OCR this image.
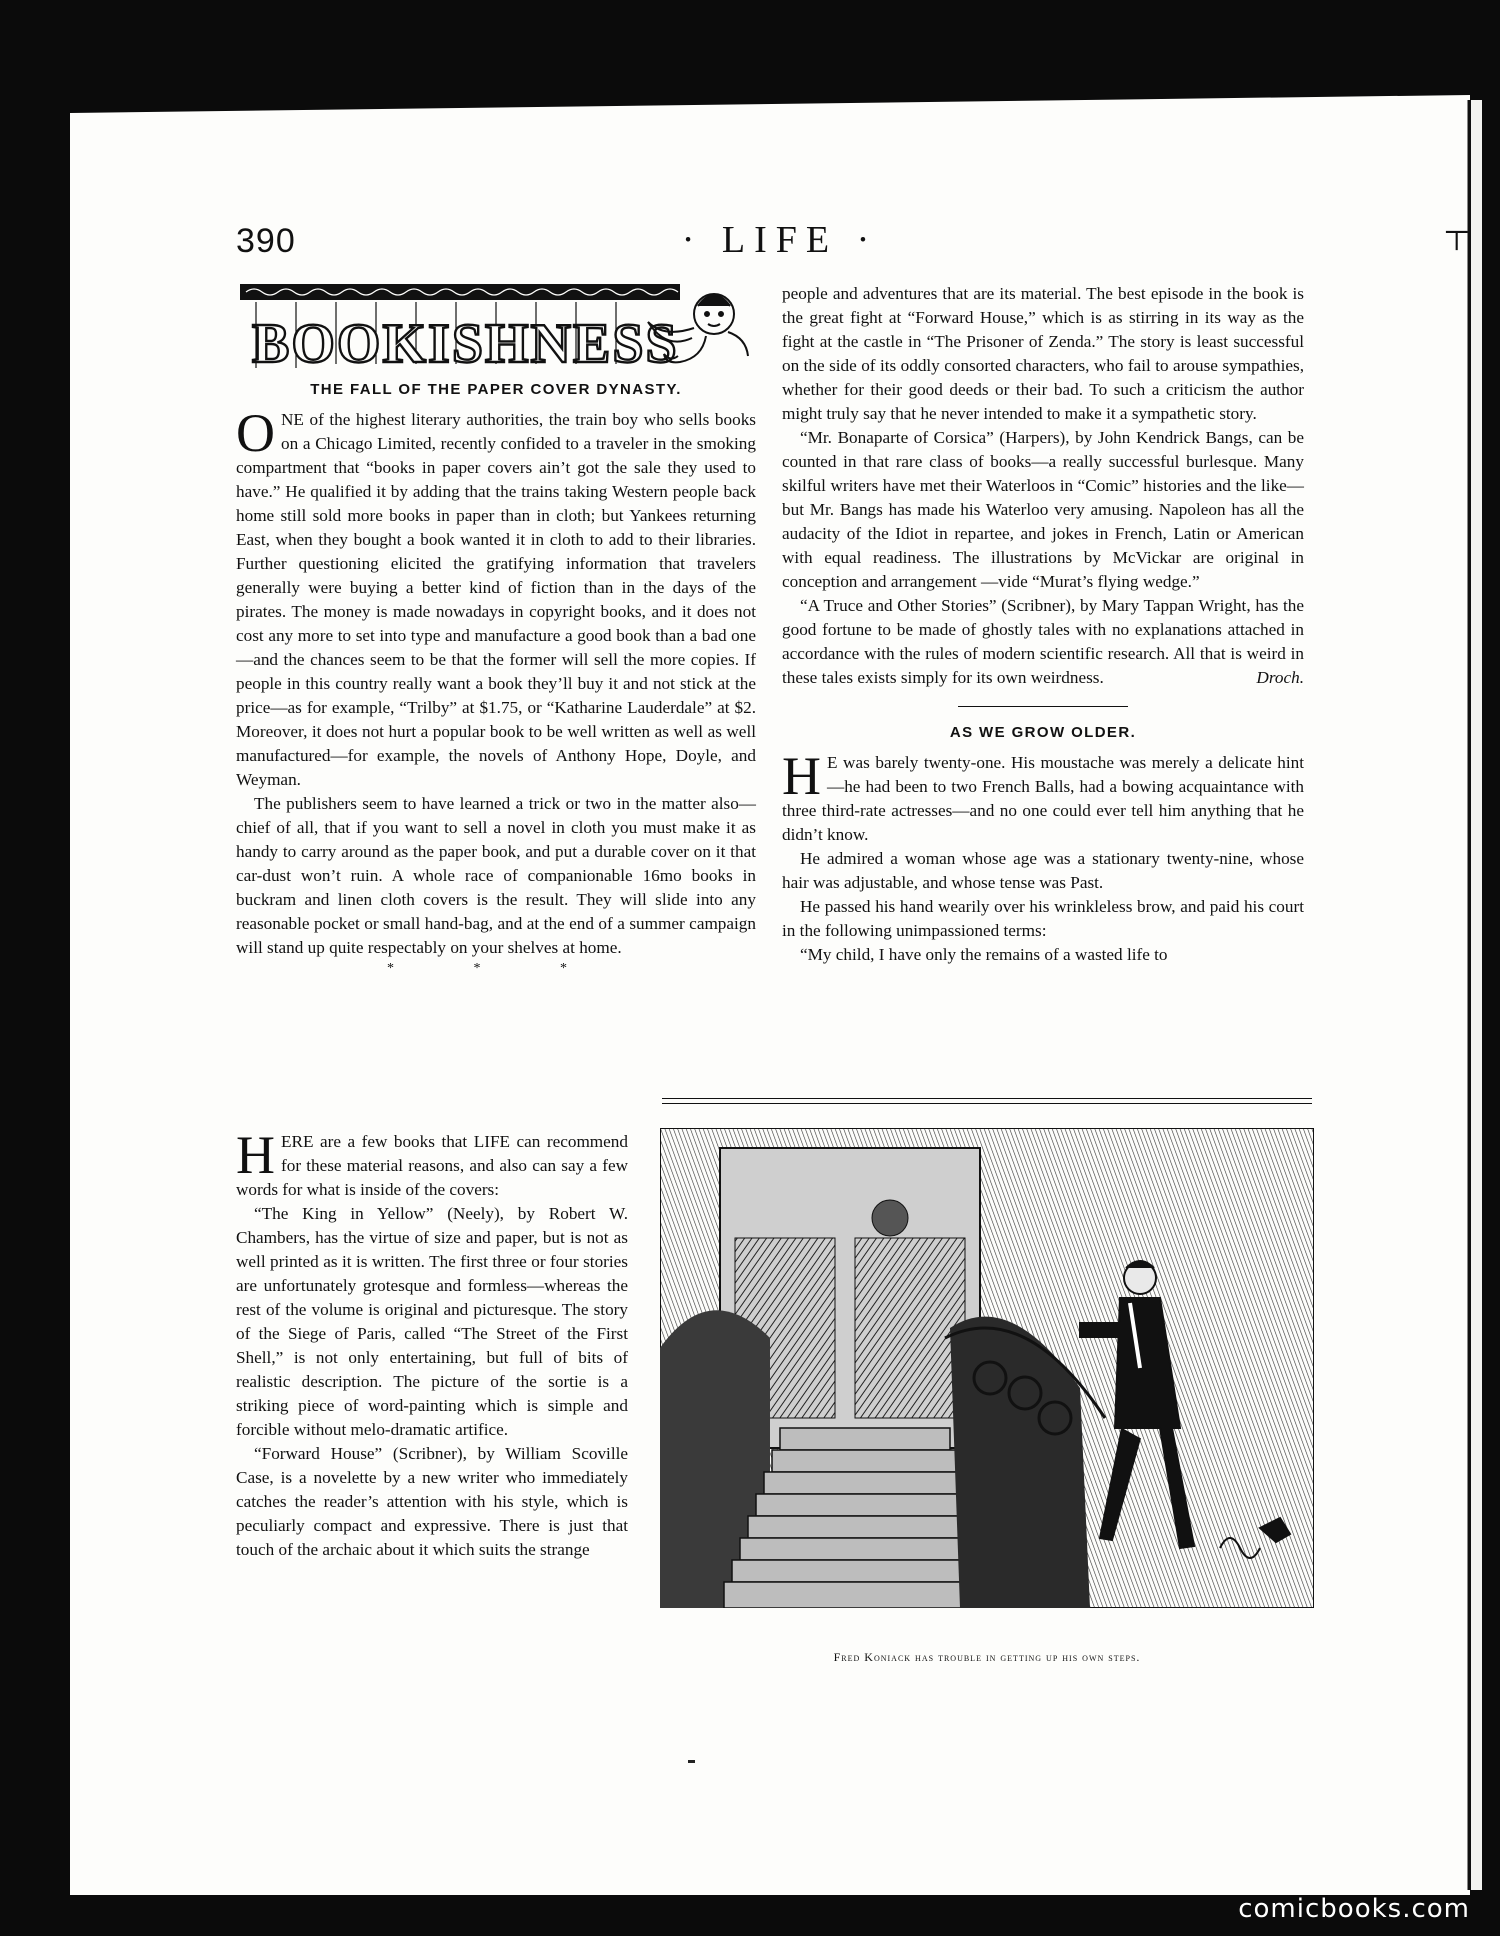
┬
390	· LIFE ·
BOOKISHNESS
THE FALL OF THE PAPER COVER DYNASTY.

ONE of the highest literary authorities, the train boy who sells books on a Chicago Limited, recently confided to a traveler in the smoking compartment that “books in paper covers ain’t got the sale they used to have.” He qualified it by adding that the trains taking Western people back home still sold more books in paper than in cloth; but Yankees returning East, when they bought a book wanted it in cloth to add to their libraries. Further questioning elicited the gratifying information that travelers generally were buying a better kind of fiction than in the days of the pirates. The money is made nowadays in copyright books, and it does not cost any more to set into type and manufacture a good book than a bad one—and the chances seem to be that the former will sell the more copies. If people in this country really want a book they’ll buy it and not stick at the price—as for example, “Trilby” at $1.75, or “Katharine Lauderdale” at $2. Moreover, it does not hurt a popular book to be well written as well as well manufactured—for example, the novels of Anthony Hope, Doyle, and Weyman.

The publishers seem to have learned a trick or two in the matter also—chief of all, that if you want to sell a novel in cloth you must make it as handy to carry around as the paper book, and put a durable cover on it that car-dust won’t ruin. A whole race of companionable 16mo books in buckram and linen cloth covers is the result. They will slide into any reasonable pocket or small hand-bag, and at the end of a summer campaign will stand up quite respectably on your shelves at home.

* * *

HERE are a few books that LIFE can recommend for these material reasons, and also can say a few words for what is inside of the covers:

“The King in Yellow” (Neely), by Robert W. Chambers, has the virtue of size and paper, but is not as well printed as it is written. The first three or four stories are unfortunately grotesque and formless—whereas the rest of the volume is original and picturesque. The story of the Siege of Paris, called “The Street of the First Shell,” is not only entertaining, but full of bits of realistic description. The picture of the sortie is a striking piece of word-painting which is simple and forcible without melo-dramatic artifice.

“Forward House” (Scribner), by William Scoville Case, is a novelette by a new writer who immediately catches the reader’s attention with his style, which is peculiarly compact and expressive. There is just that touch of the archaic about it which suits the strange

people and adventures that are its material. The best episode in the book is the great fight at “Forward House,” which is as stirring in its way as the fight at the castle in “The Prisoner of Zenda.” The story is least successful on the side of its oddly consorted characters, who fail to arouse sympathies, whether for their good deeds or their bad. To such a criticism the author might truly say that he never intended to make it a sympathetic story.

“Mr. Bonaparte of Corsica” (Harpers), by John Kendrick Bangs, can be counted in that rare class of books—a really successful burlesque. Many skilful writers have met their Waterloos in “Comic” histories and the like—but Mr. Bangs has made his Waterloo very amusing. Napoleon has all the audacity of the Idiot in repartee, and jokes in French, Latin or American with equal readiness. The illustrations by McVickar are original in conception and arrangement —vide “Murat’s flying wedge.”

“A Truce and Other Stories” (Scribner), by Mary Tappan Wright, has the good fortune to be made of ghostly tales with no explanations attached in accordance with the rules of modern scientific research. All that is weird in these tales exists simply for its own weirdness.	Droch.

AS WE GROW OLDER.

H E was barely twenty-one. His moustache was merely a delicate hint—he had been to two French Balls, had a bowing acquaintance with three third-rate actresses—and no one could ever tell him anything that he didn’t know.

He admired a woman whose age was a stationary twenty-nine, whose hair was adjustable, and whose tense was Past.

He passed his hand wearily over his wrinkleless brow, and paid his court in the following unimpassioned terms:

“My child, I have only the remains of a wasted life to

Fred Koniack has trouble in getting up his own steps.
comicbooks.com
